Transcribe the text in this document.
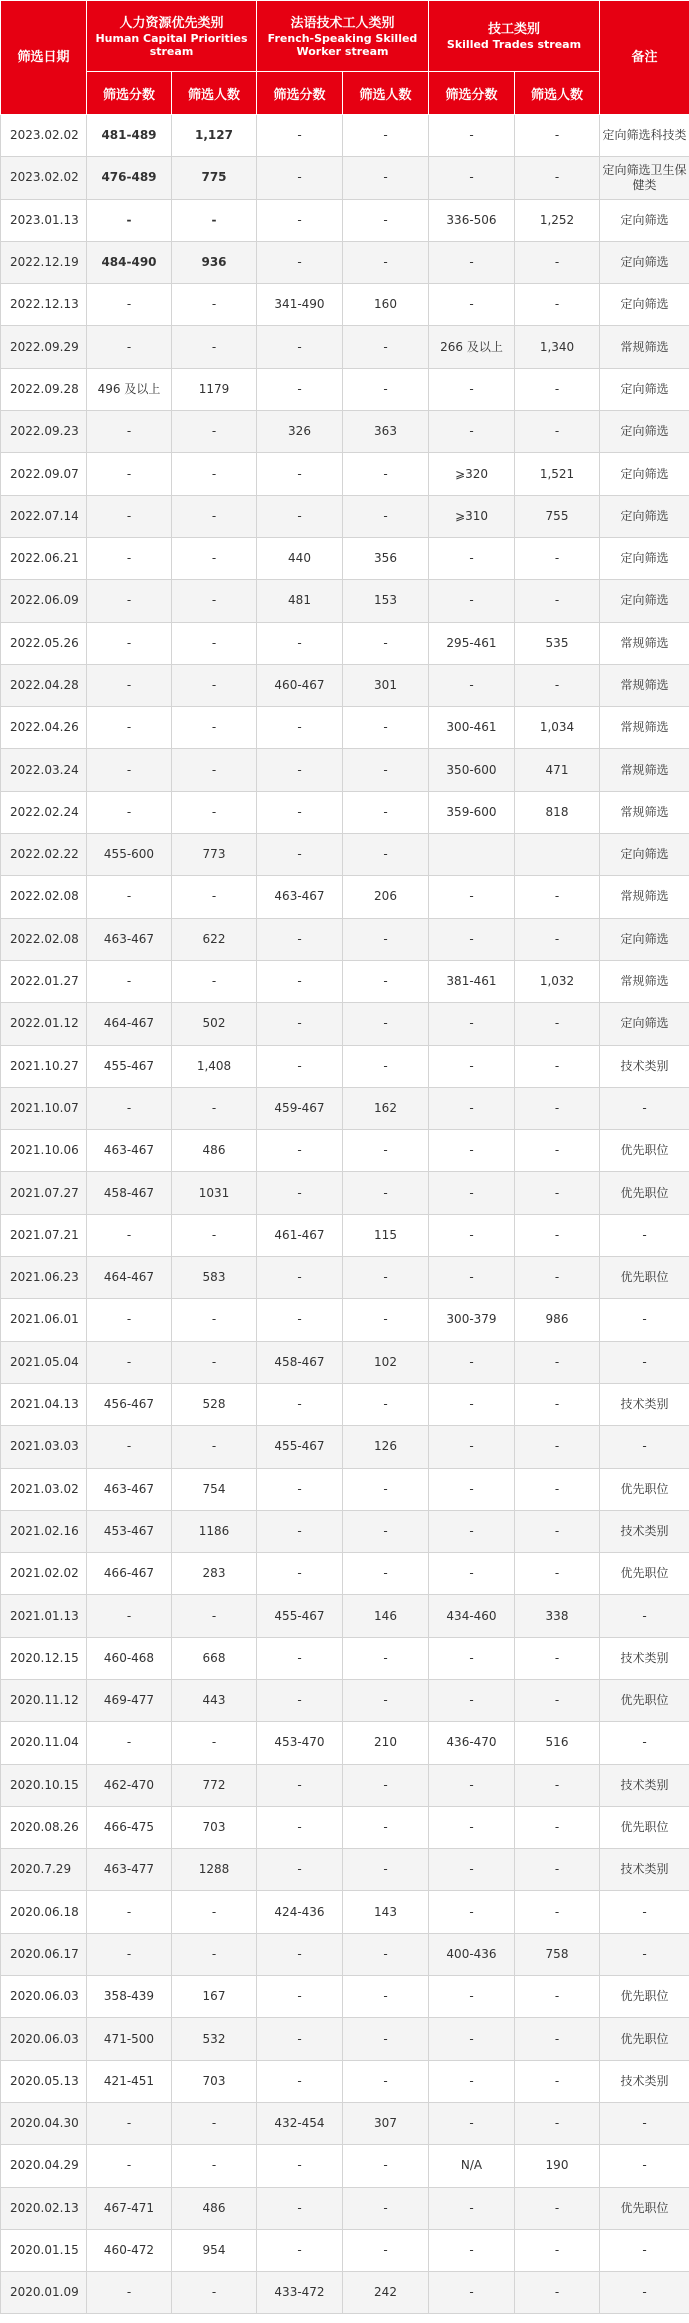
筛选日期	人力资源优先类别
Human Capital Priorities stream		法语技术工人类别
French-Speaking Skilled Worker stream		技工类别
Skilled Trades stream		备注
	筛选分数	筛选人数	筛选分数	筛选人数	筛选分数	筛选人数	
2023.02.02	481-489	1,127	-	-	-	-	定向筛选科技类
2023.02.02	476-489	775	-	-	-	-	定向筛选卫生保健类
2023.01.13	-	-	-	-	336-506	1,252	定向筛选
2022.12.19	484-490	936	-	-	-	-	定向筛选
2022.12.13	-	-	341-490	160	-	-	定向筛选
2022.09.29	-	-	-	-	266 及以上	1,340	常规筛选
2022.09.28	496 及以上	1179	-	-	-	-	定向筛选
2022.09.23	-	-	326	363	-	-	定向筛选
2022.09.07	-	-	-	-	⩾320	1,521	定向筛选
2022.07.14	-	-	-	-	⩾310	755	定向筛选
2022.06.21	-	-	440	356	-	-	定向筛选
2022.06.09	-	-	481	153	-	-	定向筛选
2022.05.26	-	-	-	-	295-461	535	常规筛选
2022.04.28	-	-	460-467	301	-	-	常规筛选
2022.04.26	-	-	-	-	300-461	1,034	常规筛选
2022.03.24	-	-	-	-	350-600	471	常规筛选
2022.02.24	-	-	-	-	359-600	818	常规筛选
2022.02.22	455-600	773	-	-			定向筛选
2022.02.08	-	-	463-467	206	-	-	常规筛选
2022.02.08	463-467	622	-	-	-	-	定向筛选
2022.01.27	-	-	-	-	381-461	1,032	常规筛选
2022.01.12	464-467	502	-	-	-	-	定向筛选
2021.10.27	455-467	1,408	-	-	-	-	技术类别
2021.10.07	-	-	459-467	162	-	-	-
2021.10.06	463-467	486	-	-	-	-	优先职位
2021.07.27	458-467	1031	-	-	-	-	优先职位
2021.07.21	-	-	461-467	115	-	-	-
2021.06.23	464-467	583	-	-	-	-	优先职位
2021.06.01	-	-	-	-	300-379	986	-
2021.05.04	-	-	458-467	102	-	-	-
2021.04.13	456-467	528	-	-	-	-	技术类别
2021.03.03	-	-	455-467	126	-	-	-
2021.03.02	463-467	754	-	-	-	-	优先职位
2021.02.16	453-467	1186	-	-	-	-	技术类别
2021.02.02	466-467	283	-	-	-	-	优先职位
2021.01.13	-	-	455-467	146	434-460	338	-
2020.12.15	460-468	668	-	-	-	-	技术类别
2020.11.12	469-477	443	-	-	-	-	优先职位
2020.11.04	-	-	453-470	210	436-470	516	-
2020.10.15	462-470	772	-	-	-	-	技术类别
2020.08.26	466-475	703	-	-	-	-	优先职位
2020.7.29	463-477	1288	-	-	-	-	技术类别
2020.06.18	-	-	424-436	143	-	-	-
2020.06.17	-	-	-	-	400-436	758	-
2020.06.03	358-439	167	-	-	-	-	优先职位
2020.06.03	471-500	532	-	-	-	-	优先职位
2020.05.13	421-451	703	-	-	-	-	技术类别
2020.04.30	-	-	432-454	307	-	-	-
2020.04.29	-	-	-	-	N/A	190	-
2020.02.13	467-471	486	-	-	-	-	优先职位
2020.01.15	460-472	954	-	-	-	-	-
2020.01.09	-	-	433-472	242	-	-	-
